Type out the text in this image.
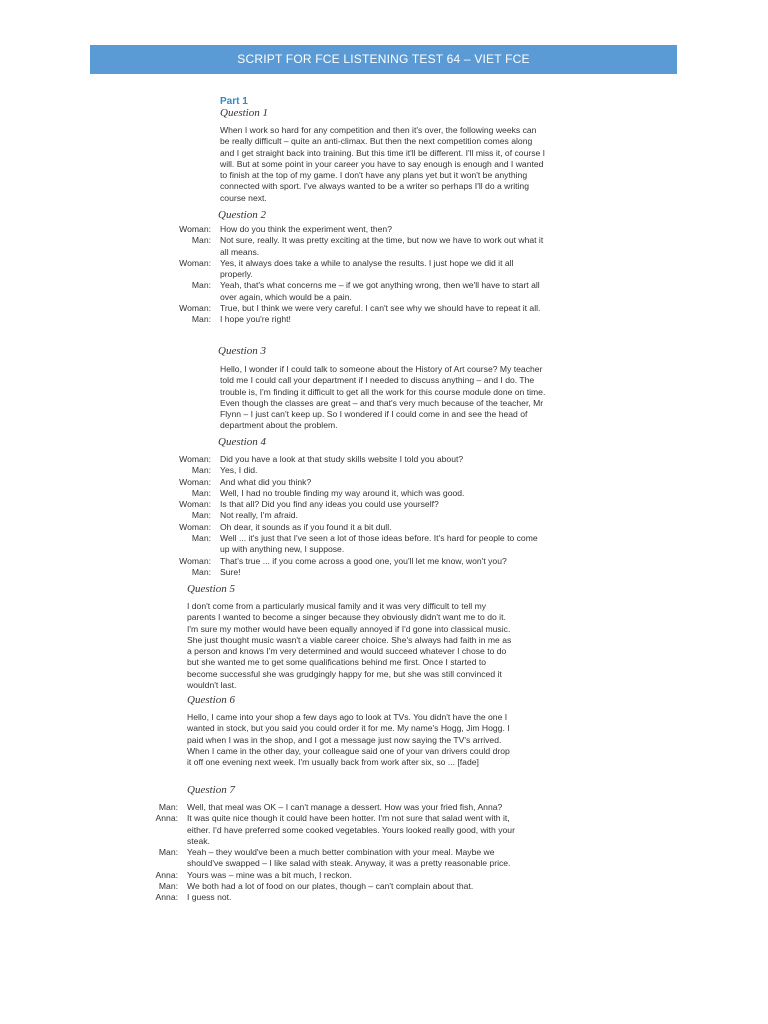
SCRIPT FOR FCE LISTENING TEST 64 – VIET FCE
Part 1
Question 1
When I work so hard for any competition and then it's over, the following weeks can be really difficult – quite an anti-climax. But then the next competition comes along and I get straight back into training. But this time it'll be different. I'll miss it, of course I will. But at some point in your career you have to say enough is enough and I wanted to finish at the top of my game. I don't have any plans yet but it won't be anything connected with sport. I've always wanted to be a writer so perhaps I'll do a writing course next.
Question 2
Woman:	How do you think the experiment went, then?
Man:	Not sure, really. It was pretty exciting at the time, but now we have to work out what it all means.
Woman:	Yes, it always does take a while to analyse the results. I just hope we did it all properly.
Man:	Yeah, that's what concerns me – if we got anything wrong, then we'll have to start all over again, which would be a pain.
Woman:	True, but I think we were very careful. I can't see why we should have to repeat it all.
Man:	I hope you're right!
Question 3
Hello, I wonder if I could talk to someone about the History of Art course? My teacher told me I could call your department if I needed to discuss anything – and I do. The trouble is, I'm finding it difficult to get all the work for this course module done on time. Even though the classes are great – and that's very much because of the teacher, Mr Flynn – I just can't keep up. So I wondered if I could come in and see the head of department about the problem.
Question 4
Woman:	Did you have a look at that study skills website I told you about?
Man:	Yes, I did.
Woman:	And what did you think?
Man:	Well, I had no trouble finding my way around it, which was good.
Woman:	Is that all? Did you find any ideas you could use yourself?
Man:	Not really, I'm afraid.
Woman:	Oh dear, it sounds as if you found it a bit dull.
Man:	Well ... it's just that I've seen a lot of those ideas before. It's hard for people to come up with anything new, I suppose.
Woman:	That's true ... if you come across a good one, you'll let me know, won't you?
Man:	Sure!
Question 5
I don't come from a particularly musical family and it was very difficult to tell my parents I wanted to become a singer because they obviously didn't want me to do it. I'm sure my mother would have been equally annoyed if I'd gone into classical music. She just thought music wasn't a viable career choice. She's always had faith in me as a person and knows I'm very determined and would succeed whatever I chose to do but she wanted me to get some qualifications behind me first. Once I started to become successful she was grudgingly happy for me, but she was still convinced it wouldn't last.
Question 6
Hello, I came into your shop a few days ago to look at TVs. You didn't have the one I wanted in stock, but you said you could order it for me. My name's Hogg, Jim Hogg. I paid when I was in the shop, and I got a message just now saying the TV's arrived. When I came in the other day, your colleague said one of your van drivers could drop it off one evening next week. I'm usually back from work after six, so ... [fade]
Question 7
Man:	Well, that meal was OK – I can't manage a dessert. How was your fried fish, Anna?
Anna:	It was quite nice though it could have been hotter. I'm not sure that salad went with it, either. I'd have preferred some cooked vegetables. Yours looked really good, with your steak.
Man:	Yeah – they would've been a much better combination with your meal. Maybe we should've swapped – I like salad with steak. Anyway, it was a pretty reasonable price.
Anna:	Yours was – mine was a bit much, I reckon.
Man:	We both had a lot of food on our plates, though – can't complain about that.
Anna:	I guess not.
